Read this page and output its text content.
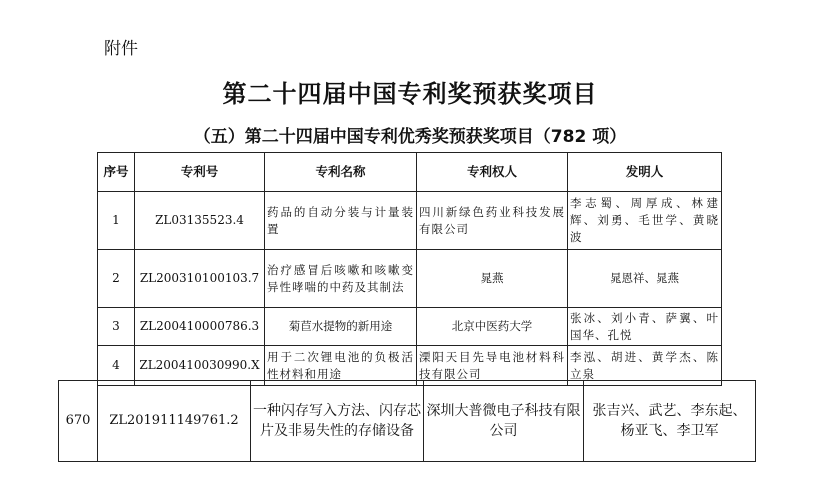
附件
第二十四届中国专利奖预获奖项目
（五）第二十四届中国专利优秀奖预获奖项目（782 项）
序号	专利号	专利名称	专利权人	发明人
1	ZL03135523.4	药品的自动分装与计量装置	四川新绿色药业科技发展有限公司	李志蜀、周厚成、林建辉、刘勇、毛世学、黄晓波
2	ZL200310100103.7	治疗感冒后咳嗽和咳嗽变异性哮喘的中药及其制法	晁燕	晁恩祥、晁燕
3	ZL200410000786.3	菊苣水提物的新用途	北京中医药大学	张冰、刘小青、萨翼、叶国华、孔悦
4	ZL200410030990.X	用于二次锂电池的负极活性材料和用途	溧阳天目先导电池材料科技有限公司	李泓、胡进、黄学杰、陈立泉
670	ZL201911149761.2	一种闪存写入方法、闪存芯片及非易失性的存储设备	深圳大普微电子科技有限公司	张吉兴、武艺、李东起、杨亚飞、李卫军
